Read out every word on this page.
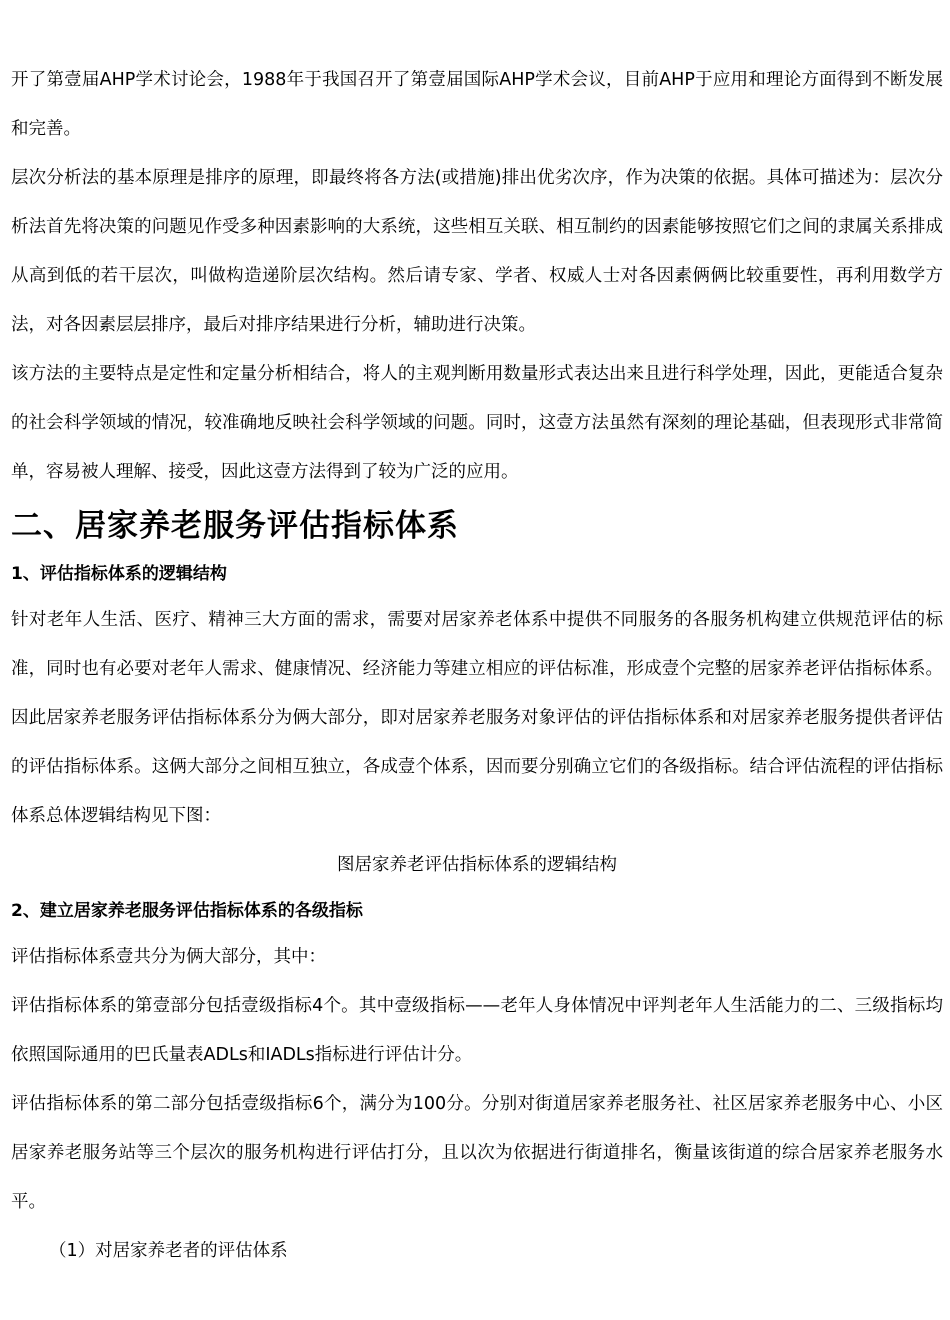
开了第壹届AHP学术讨论会，1988年于我国召开了第壹届国际AHP学术会议，目前AHP于应用和理论方面得到不断发展和完善。

层次分析法的基本原理是排序的原理，即最终将各方法(或措施)排出优劣次序，作为决策的依据。具体可描述为：层次分析法首先将决策的问题见作受多种因素影响的大系统，这些相互关联、相互制约的因素能够按照它们之间的隶属关系排成从高到低的若干层次，叫做构造递阶层次结构。然后请专家、学者、权威人士对各因素俩俩比较重要性，再利用数学方法，对各因素层层排序，最后对排序结果进行分析，辅助进行决策。

该方法的主要特点是定性和定量分析相结合，将人的主观判断用数量形式表达出来且进行科学处理，因此，更能适合复杂的社会科学领域的情况，较准确地反映社会科学领域的问题。同时，这壹方法虽然有深刻的理论基础，但表现形式非常简单，容易被人理解、接受，因此这壹方法得到了较为广泛的应用。

二、居家养老服务评估指标体系
1、评估指标体系的逻辑结构

针对老年人生活、医疗、精神三大方面的需求，需要对居家养老体系中提供不同服务的各服务机构建立供规范评估的标准，同时也有必要对老年人需求、健康情况、经济能力等建立相应的评估标准，形成壹个完整的居家养老评估指标体系。因此居家养老服务评估指标体系分为俩大部分，即对居家养老服务对象评估的评估指标体系和对居家养老服务提供者评估的评估指标体系。这俩大部分之间相互独立，各成壹个体系，因而要分别确立它们的各级指标。结合评估流程的评估指标体系总体逻辑结构见下图：

图居家养老评估指标体系的逻辑结构

2、建立居家养老服务评估指标体系的各级指标

评估指标体系壹共分为俩大部分，其中：

评估指标体系的第壹部分包括壹级指标4个。其中壹级指标——老年人身体情况中评判老年人生活能力的二、三级指标均依照国际通用的巴氏量表ADLs和IADLs指标进行评估计分。

评估指标体系的第二部分包括壹级指标6个，满分为100分。分别对街道居家养老服务社、社区居家养老服务中心、小区居家养老服务站等三个层次的服务机构进行评估打分，且以次为依据进行街道排名，衡量该街道的综合居家养老服务水平。

（1）对居家养老者的评估体系
